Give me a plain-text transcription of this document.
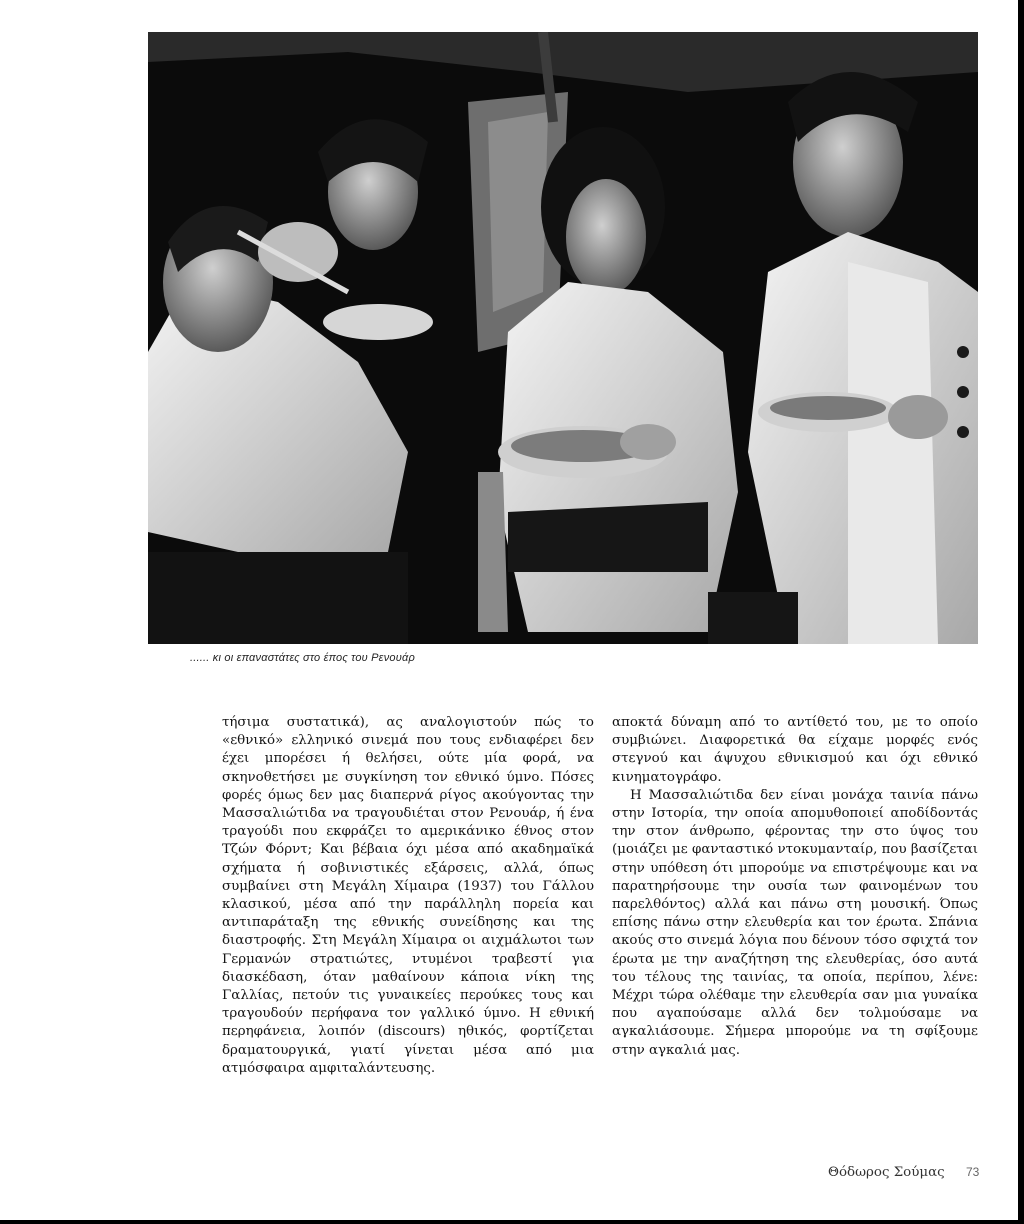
...... κι οι επαναστάτες στο έπος του Ρενουάρ

τήσιμα συστατικά), ας αναλογιστούν πώς το «εθνικό» ελληνικό σινεμά που τους ενδιαφέρει δεν έχει μπορέσει ή θελήσει, ούτε μία φορά, να σκηνοθετήσει με συγκίνηση τον εθνικό ύμνο. Πόσες φορές όμως δεν μας διαπερνά ρίγος ακούγοντας την Μασσαλιώτιδα να τραγουδιέται στον Ρενουάρ, ή ένα τραγούδι που εκφράζει το αμερικάνικο έθνος στον Τζών Φόρντ; Και βέβαια όχι μέσα από ακαδημαϊκά σχήματα ή σοβινιστικές εξάρσεις, αλλά, όπως συμβαίνει στη Μεγάλη Χίμαιρα (1937) του Γάλλου κλασικού, μέσα από την παράλληλη πορεία και αντιπαράταξη της εθνικής συνείδησης και της διαστροφής. Στη Μεγάλη Χίμαιρα οι αιχμάλωτοι των Γερμανών στρατιώτες, ντυμένοι τραβεστί για διασκέδαση, όταν μαθαίνουν κάποια νίκη της Γαλλίας, πετούν τις γυναικείες περούκες τους και τραγουδούν περήφανα τον γαλλικό ύμνο. Η εθνική περηφάνεια, λοιπόν (discours) ηθικός, φορτίζεται δραματουργικά, γιατί γίνεται μέσα από μια ατμόσφαιρα αμφιταλάντευσης.

αποκτά δύναμη από το αντίθετό του, με το οποίο συμβιώνει. Διαφορετικά θα είχαμε μορφές ενός στεγνού και άψυχου εθνικισμού και όχι εθνικό κινηματογράφο.

Η Μασσαλιώτιδα δεν είναι μονάχα ταινία πάνω στην Ιστορία, την οποία απομυθοποιεί αποδίδοντάς την στον άνθρωπο, φέροντας την στο ύψος του (μοιάζει με φανταστικό ντοκυμανταίρ, που βασίζεται στην υπόθεση ότι μπορούμε να επιστρέψουμε και να παρατηρήσουμε την ουσία των φαινομένων του παρελθόντος) αλλά και πάνω στη μουσική. Όπως επίσης πάνω στην ελευθερία και τον έρωτα. Σπάνια ακούς στο σινεμά λόγια που δένουν τόσο σφιχτά τον έρωτα με την αναζήτηση της ελευθερίας, όσο αυτά του τέλους της ταινίας, τα οποία, περίπου, λένε: Μέχρι τώρα ολέθαμε την ελευθερία σαν μια γυναίκα που αγαπούσαμε αλλά δεν τολμούσαμε να αγκαλιάσουμε. Σήμερα μπορούμε να τη σφίξουμε στην αγκαλιά μας.

Θόδωρος Σούμας 73
